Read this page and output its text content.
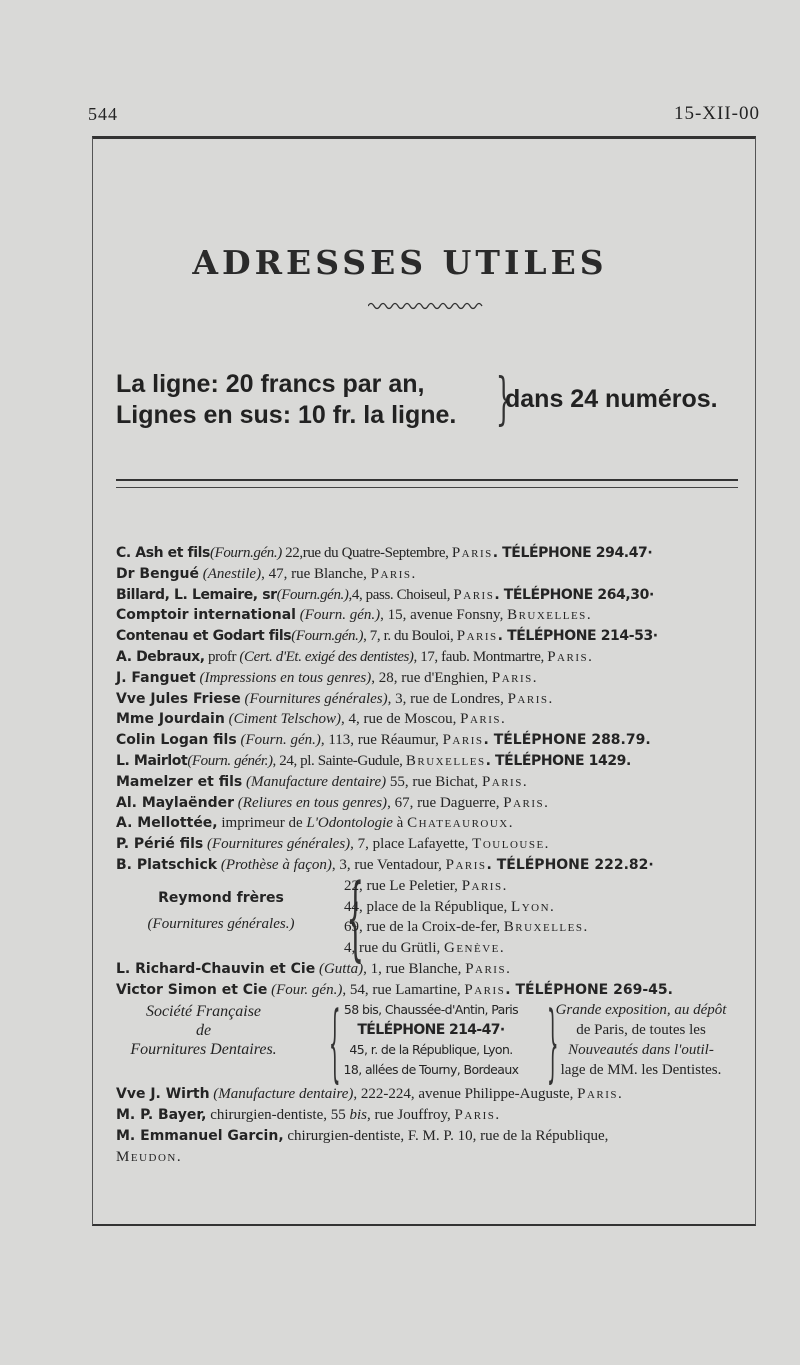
544	15-XII-00
ADRESSES UTILES
La ligne: 20 francs par an,
Lignes en sus: 10 fr. la ligne. }
dans 24 numéros.
C. Ash et fils(Fourn.gén.) 22,rue du Quatre-Septembre, Paris. TÉLÉPHONE 294.47·
Dr Bengué (Anestile), 47, rue Blanche, Paris.
Billard, L. Lemaire, sr(Fourn.gén.),4, pass. Choiseul, Paris. TÉLÉPHONE 264,30·
Comptoir international (Fourn. gén.), 15, avenue Fonsny, Bruxelles.
Contenau et Godart fils(Fourn.gén.), 7, r. du Bouloi, Paris. TÉLÉPHONE 214-53·
A. Debraux, profr (Cert. d'Et. exigé des dentistes), 17, faub. Montmartre, Paris.
J. Fanguet (Impressions en tous genres), 28, rue d'Enghien, Paris.
Vve Jules Friese (Fournitures générales), 3, rue de Londres, Paris.
Mme Jourdain (Ciment Telschow), 4, rue de Moscou, Paris.
Colin Logan fils (Fourn. gén.), 113, rue Réaumur, Paris. TÉLÉPHONE 288.79.
L. Mairlot(Fourn. génér.), 24, pl. Sainte-Gudule, Bruxelles. TÉLÉPHONE 1429.
Mamelzer et fils (Manufacture dentaire) 55, rue Bichat, Paris.
Al. Maylaënder (Reliures en tous genres), 67, rue Daguerre, Paris.
A. Mellottée, imprimeur de L'Odontologie à Chateauroux.
P. Périé fils (Fournitures générales), 7, place Lafayette, Toulouse.
B. Platschick (Prothèse à façon), 3, rue Ventadour, Paris. TÉLÉPHONE 222.82·
Reymond frères
(Fournitures générales.) {
22, rue Le Peletier, Paris.
44, place de la République, Lyon.
69, rue de la Croix-de-fer, Bruxelles.
4, rue du Grütli, Genève.
L. Richard-Chauvin et Cie (Gutta), 1, rue Blanche, Paris.
Victor Simon et Cie (Four. gén.), 54, rue Lamartine, Paris. TÉLÉPHONE 269-45.
Société Française
de
Fournitures Dentaires. { 58 bis, Chaussée-d'Antin, Paris
TÉLÉPHONE 214-47·
45, r. de la République, Lyon.
18, allées de Tourny, Bordeaux }
Grande exposition, au dépôt
de Paris, de toutes les
Nouveautés dans l'outil-
lage de MM. les Dentistes.
Vve J. Wirth (Manufacture dentaire), 222-224, avenue Philippe-Auguste, Paris.
M. P. Bayer, chirurgien-dentiste, 55 bis, rue Jouffroy, Paris.
M. Emmanuel Garcin, chirurgien-dentiste, F. M. P. 10, rue de la République,
Meudon.
